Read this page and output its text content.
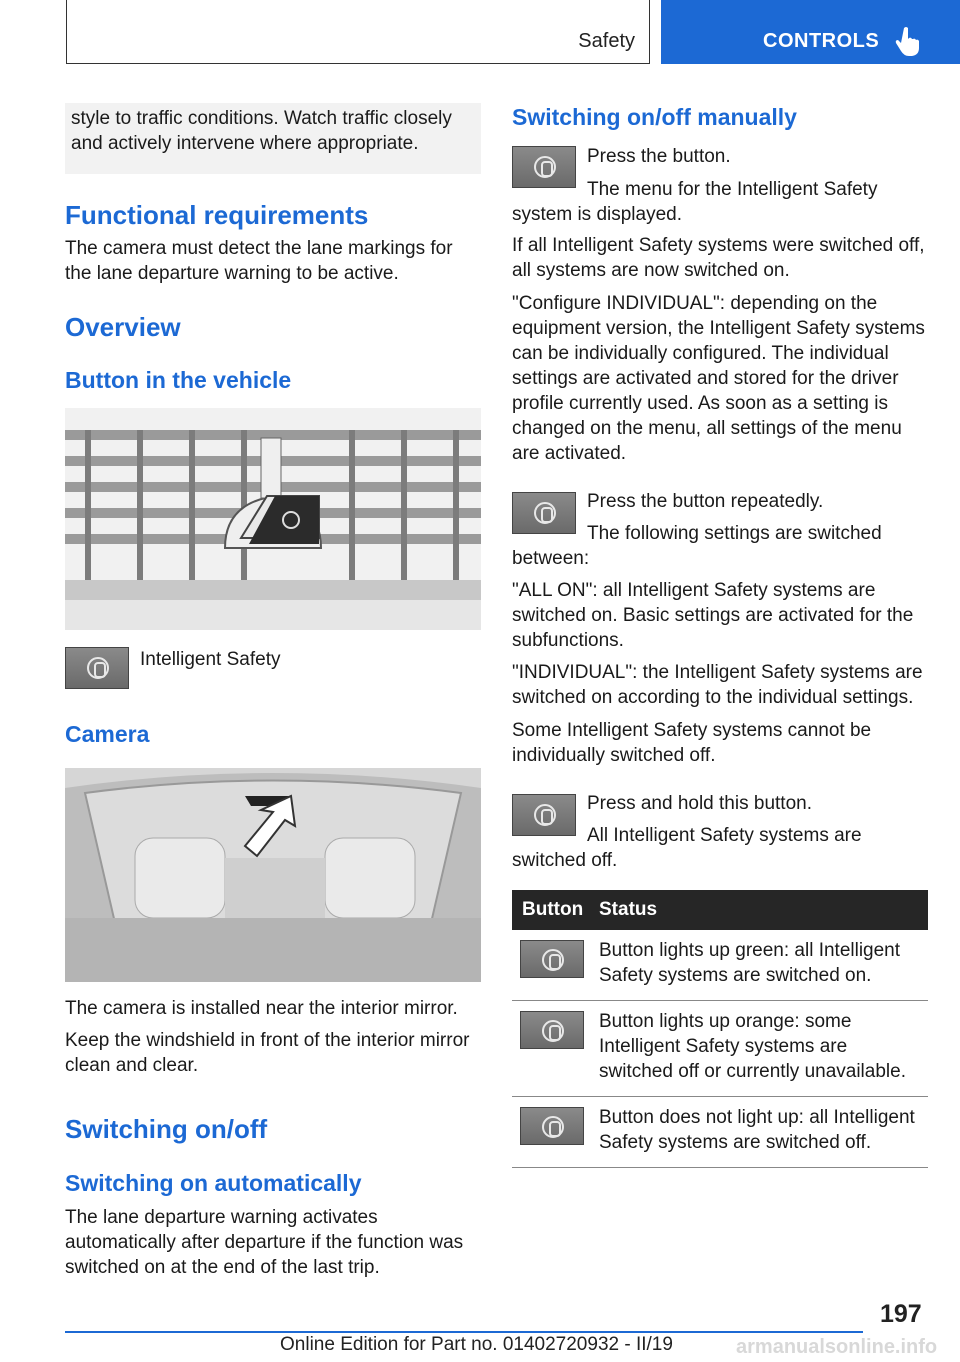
Safety	CONTROLS

style to traffic conditions. Watch traffic closely and actively intervene where appropriate.

Functional requirements

The camera must detect the lane markings for the lane departure warning to be active.

Overview
Button in the vehicle

Intelligent Safety

Camera

The camera is installed near the interior mirror.

Keep the windshield in front of the interior mirror clean and clear.

Switching on/off
Switching on automatically

The lane departure warning activates automatically after departure if the function was switched on at the end of the last trip.

Switching on/off manually

Press the button.

The menu for the Intelligent Safety system is displayed.

If all Intelligent Safety systems were switched off, all systems are now switched on.

"Configure INDIVIDUAL": depending on the equipment version, the Intelligent Safety systems can be individually configured. The individual settings are activated and stored for the driver profile currently used. As soon as a setting is changed on the menu, all settings of the menu are activated.

Press the button repeatedly.

The following settings are switched between:

"ALL ON": all Intelligent Safety systems are switched on. Basic settings are activated for the subfunctions.

"INDIVIDUAL": the Intelligent Safety systems are switched on according to the individual settings.

Some Intelligent Safety systems cannot be individually switched off.

Press and hold this button.

All Intelligent Safety systems are switched off.

Button	Status

	Button lights up green: all Intelligent Safety systems are switched on.

	Button lights up orange: some Intelligent Safety systems are switched off or currently unavailable.

	Button does not light up: all Intelligent Safety systems are switched off.
197
Online Edition for Part no. 01402720932 - II/19	armanualsonline.info
